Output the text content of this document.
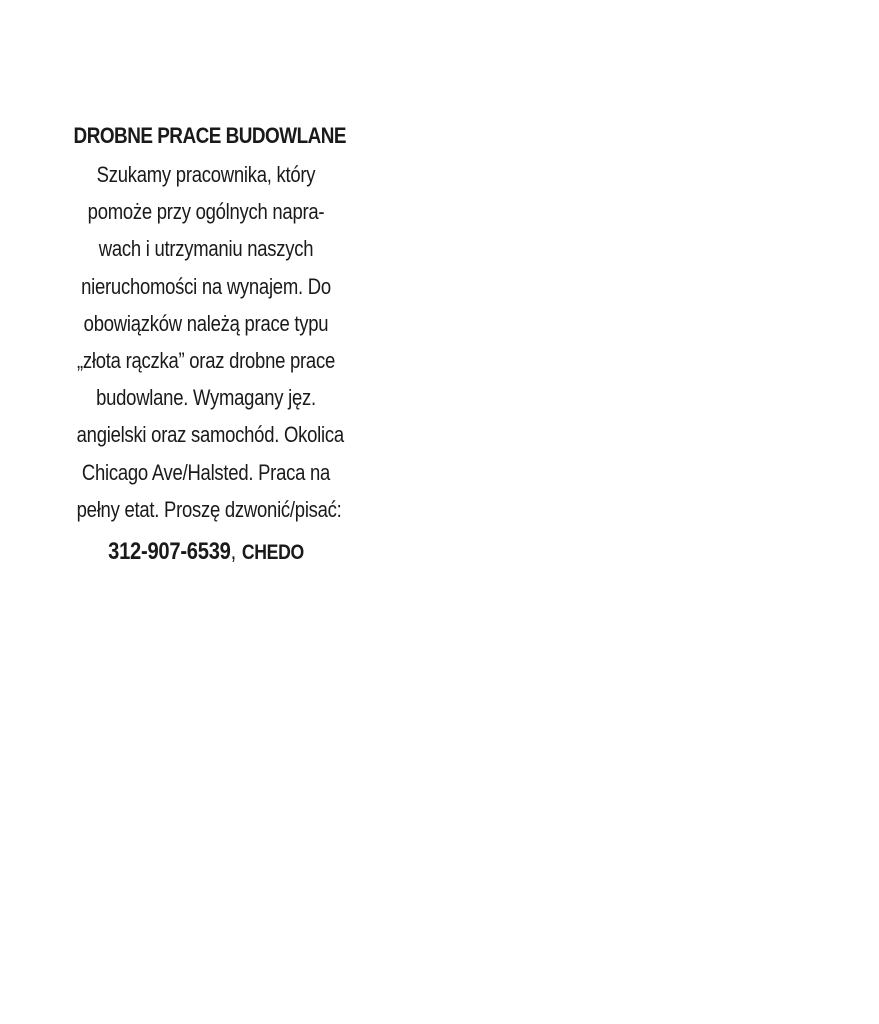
DROBNE PRACE BUDOWLANE
Szukamy pracownika, który
pomoże przy ogólnych napra-
wach i utrzymaniu naszych
nieruchomości na wynajem. Do
obowiązków należą prace typu
„złota rączka” oraz drobne prace
budowlane. Wymagany jęz.
angielski oraz samochód. Okolica
Chicago Ave/Halsted. Praca na
pełny etat. Proszę dzwonić/pisać:
312-907-6539, CHEDO
